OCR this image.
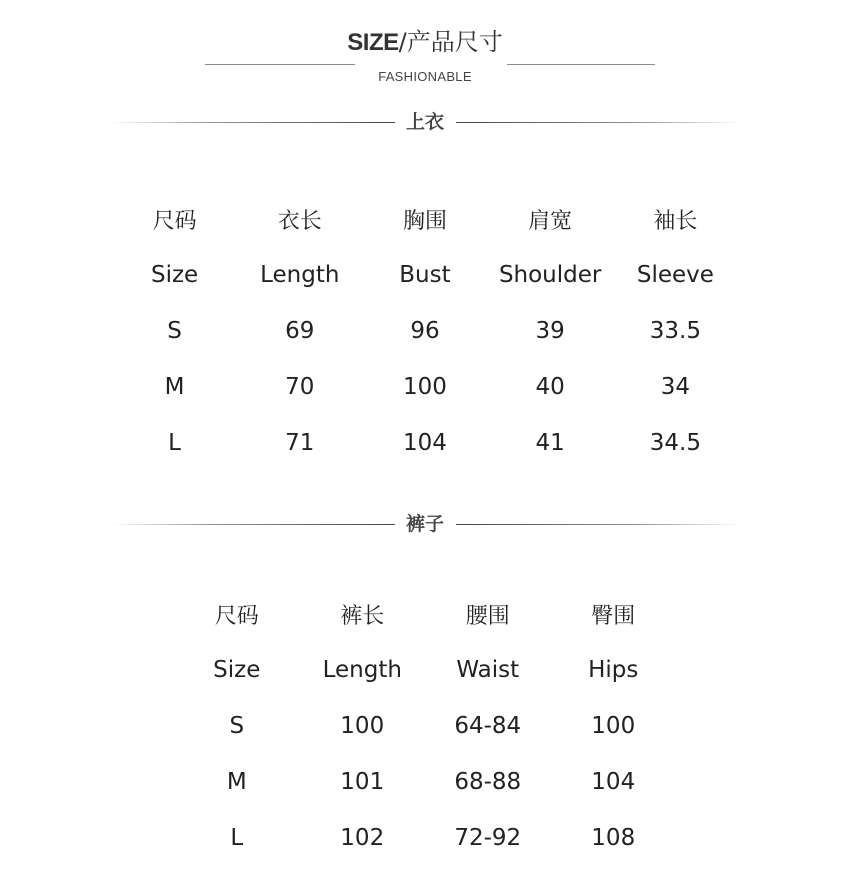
SIZE/产品尺寸
FASHIONABLE
上衣
尺码	衣长	胸围	肩宽	袖长
Size	Length	Bust	Shoulder	Sleeve
S	69	96	39	33.5
M	70	100	40	34
L	71	104	41	34.5
裤子
尺码	裤长	腰围	臀围
Size	Length	Waist	Hips
S	100	64-84	100
M	101	68-88	104
L	102	72-92	108
